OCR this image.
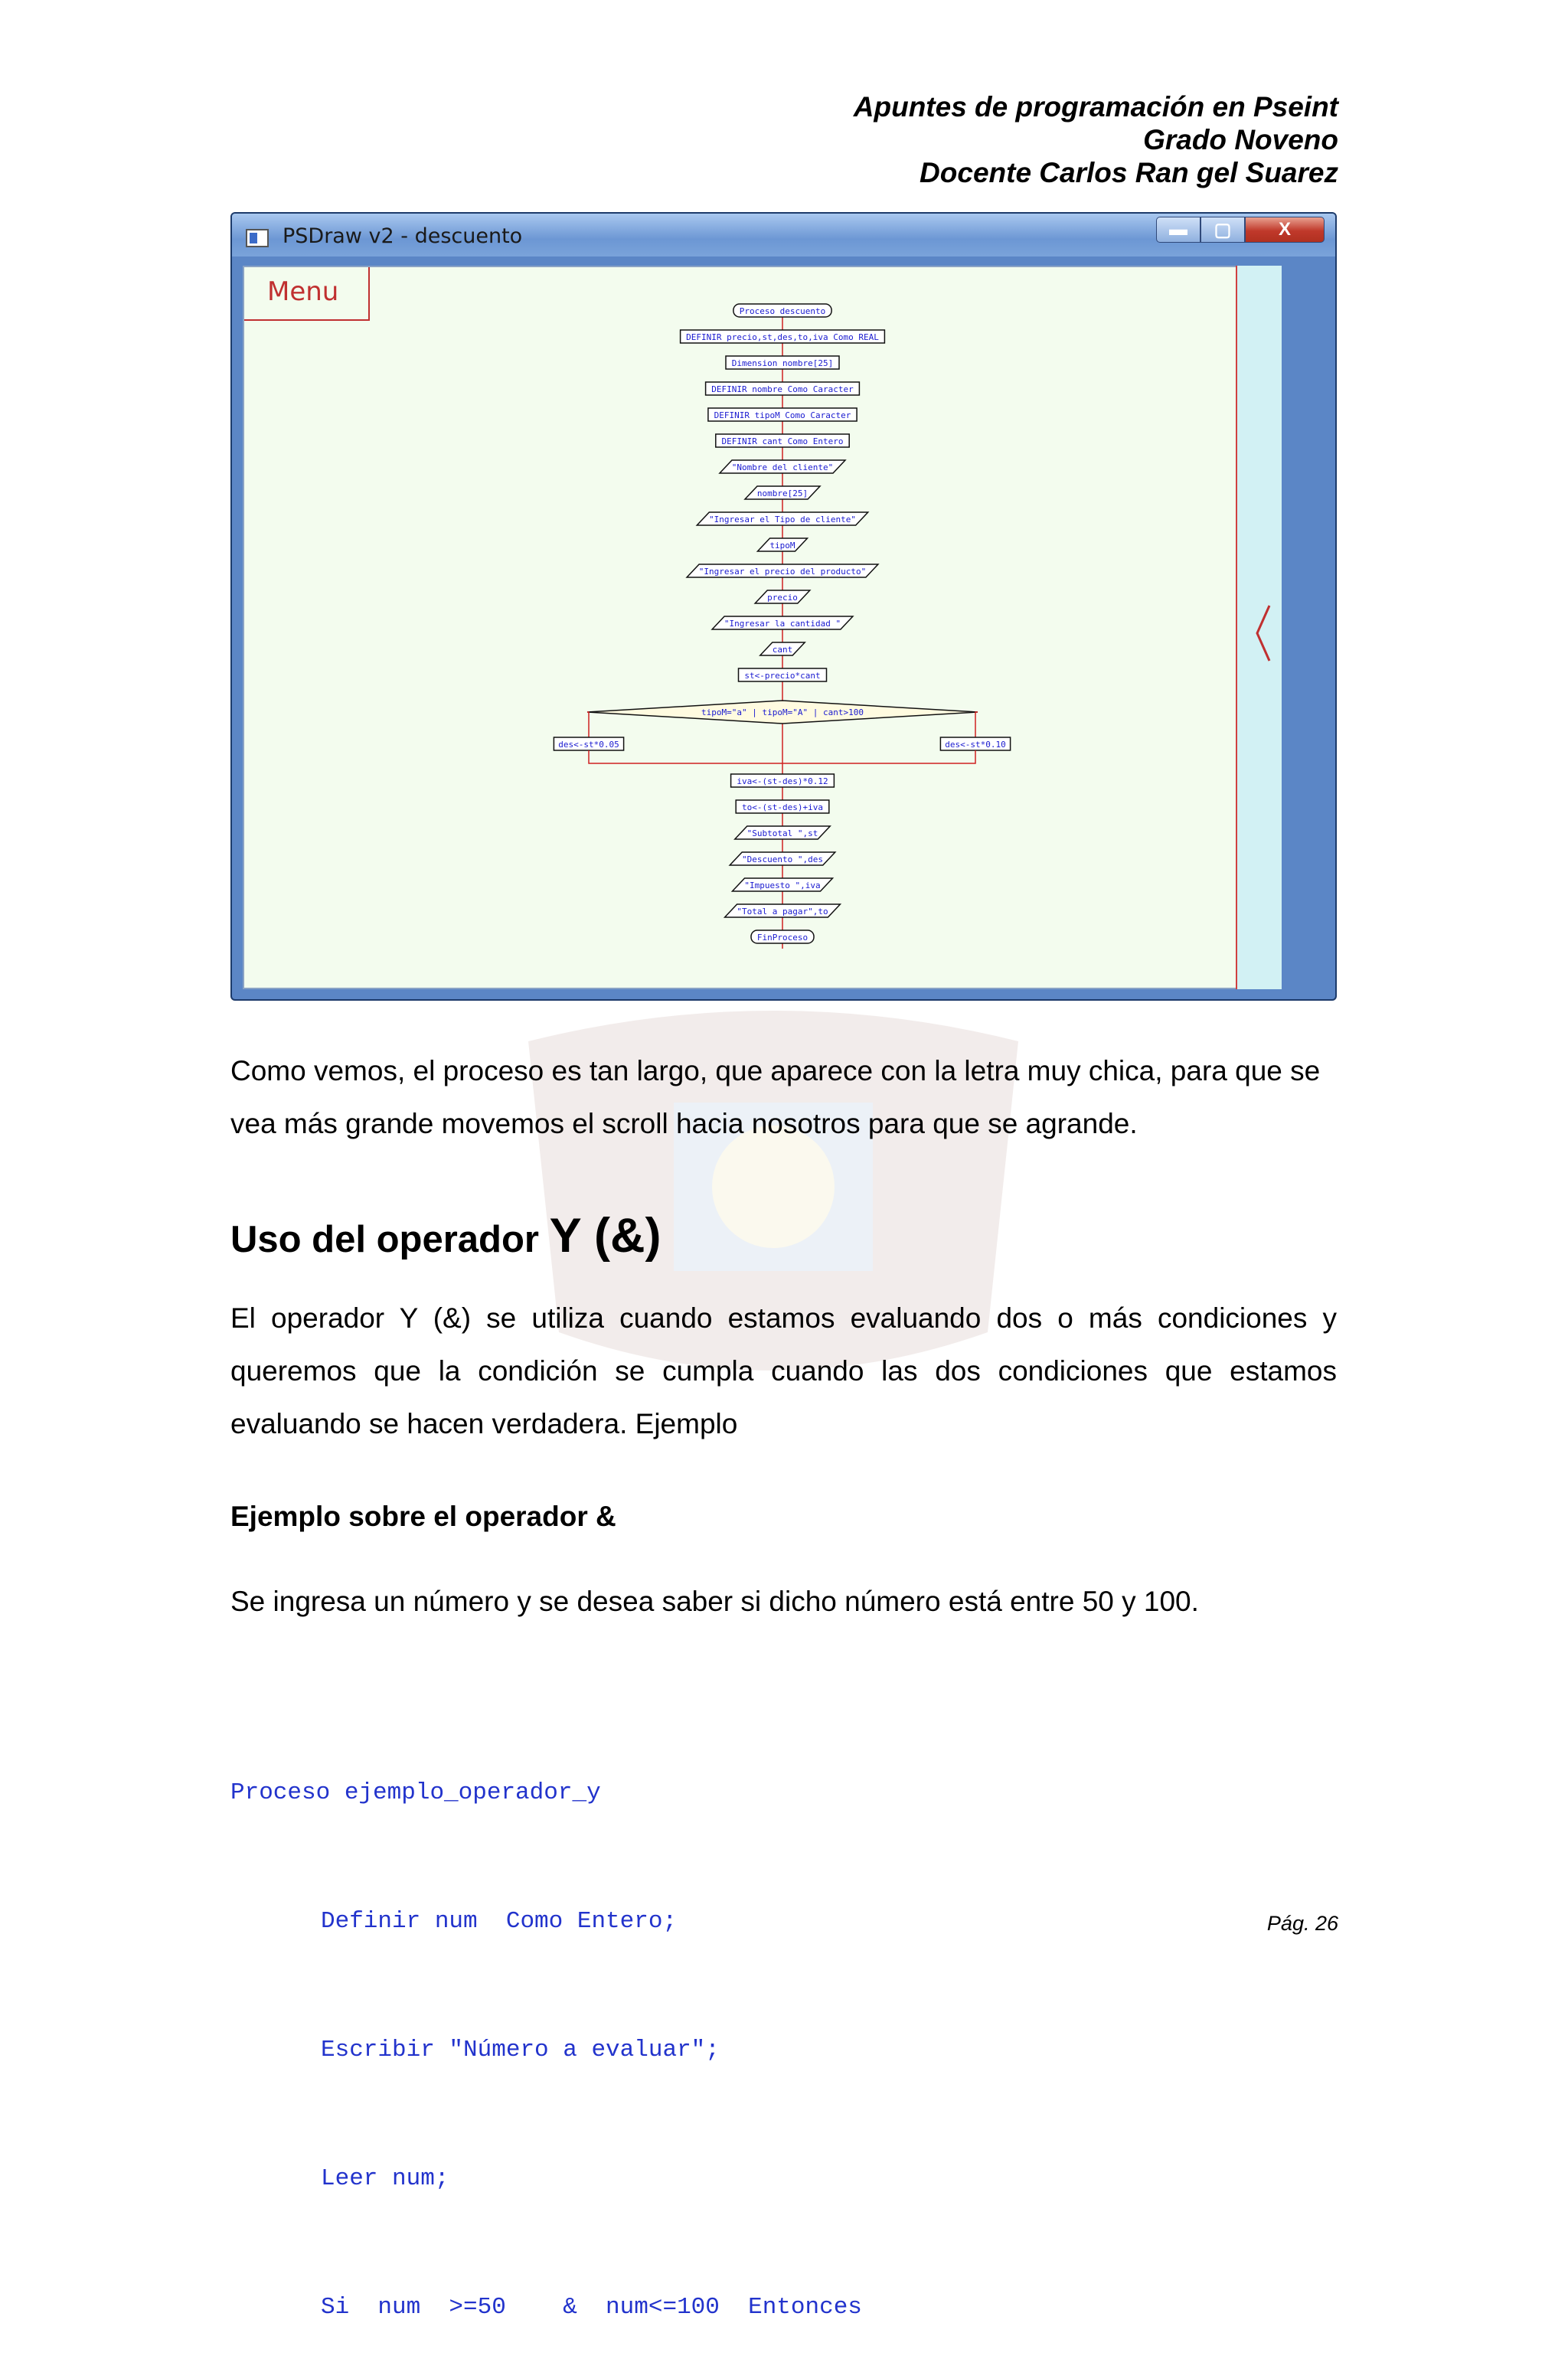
Apuntes de programación en Pseint
Grado Noveno
Docente Carlos Ran gel Suarez
PSDraw v2 - descuento	▬	▢	X
Menu
Proceso descuento
DEFINIR precio,st,des,to,iva Como REAL
Dimension nombre[25]
DEFINIR nombre Como Caracter
DEFINIR tipoM Como Caracter
DEFINIR cant Como Entero
"Nombre del cliente"
nombre[25]
"Ingresar el Tipo de cliente"
tipoM
"Ingresar el precio del producto"
precio
"Ingresar la cantidad "
cant
st<-precio*cant
tipoM="a" | tipoM="A" | cant>100
des<-st*0.05	des<-st*0.10
iva<-(st-des)*0.12
to<-(st-des)+iva
"Subtotal ",st
"Descuento ",des
"Impuesto ",iva
"Total a pagar",to
FinProceso

Como vemos, el proceso es tan largo, que aparece con la letra muy chica, para que se vea más grande movemos el scroll hacia nosotros para que se agrande.

Uso del operador Y (&)

El operador Y (&) se utiliza cuando estamos evaluando dos o más condiciones y queremos que la condición se cumpla cuando las dos condiciones que estamos evaluando se hacen verdadera. Ejemplo

Ejemplo sobre el operador &

Se ingresa un número y se desea saber si dicho número está entre 50 y 100.

Proceso ejemplo_operador_y

Definir num  Como Entero;

Escribir "Número a evaluar";

Leer num;

Si  num  >=50    &  num<=100  Entonces

Pág. 26
